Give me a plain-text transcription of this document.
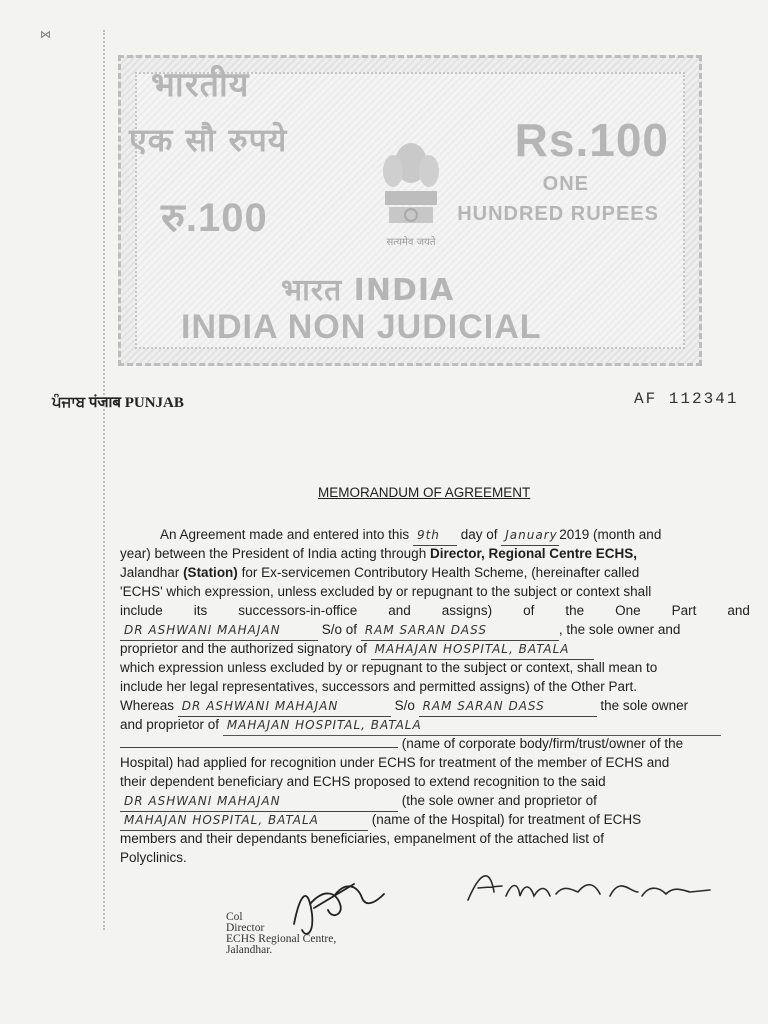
⋈
भारतीय
एक सौ रुपये
रु.100
Rs.100
ONE
HUNDRED RUPEES
सत्यमेव जयते
भारत INDIA
INDIA NON JUDICIAL
ਪੰਜਾਬ पंजाब PUNJAB	AF 112341
MEMORANDUM OF AGREEMENT
An Agreement made and entered into this 9th day of January 2019 (month and
year) between the President of India acting through Director, Regional Centre ECHS,
Jalandhar (Station) for Ex-servicemen Contributory Health Scheme, (hereinafter called
'ECHS' which expression, unless excluded by or repugnant to the subject or context shall
include its successors-in-office and assigns) of the One Part and
DR ASHWANI MAHAJAN	S/o of RAM SARAN DASS	, the sole owner and
proprietor and the authorized signatory of MAHAJAN HOSPITAL, BATALA
which expression unless excluded by or repugnant to the subject or context, shall mean to
include her legal representatives, successors and permitted assigns) of the Other Part.
Whereas DR ASHWANI MAHAJAN	S/o RAM SARAN DASS	the sole owner
and proprietor of MAHAJAN HOSPITAL, BATALA
(name of corporate body/firm/trust/owner of the
Hospital) had applied for recognition under ECHS for treatment of the member of ECHS and
their dependent beneficiary and ECHS proposed to extend recognition to the said
DR ASHWANI MAHAJAN	(the sole owner and proprietor of
MAHAJAN HOSPITAL, BATALA	(name of the Hospital) for treatment of ECHS
members and their dependants beneficiaries, empanelment of the attached list of
Polyclinics.
Col
Director
ECHS Regional Centre,
Jalandhar.
